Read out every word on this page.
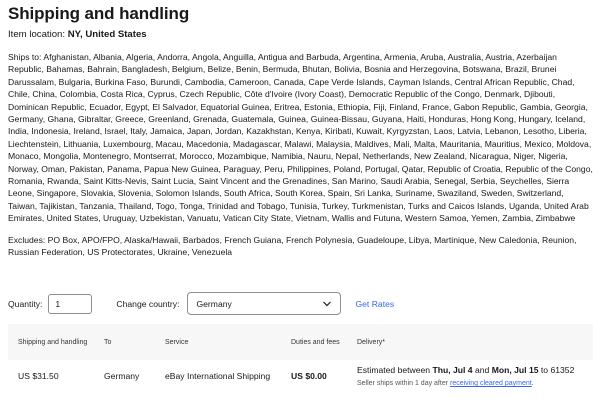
Shipping and handling
Item location: NY, United States
Ships to: Afghanistan, Albania, Algeria, Andorra, Angola, Anguilla, Antigua and Barbuda, Argentina, Armenia, Aruba, Australia, Austria, Azerbaijan Republic, Bahamas, Bahrain, Bangladesh, Belgium, Belize, Benin, Bermuda, Bhutan, Bolivia, Bosnia and Herzegovina, Botswana, Brazil, Brunei Darussalam, Bulgaria, Burkina Faso, Burundi, Cambodia, Cameroon, Canada, Cape Verde Islands, Cayman Islands, Central African Republic, Chad, Chile, China, Colombia, Costa Rica, Cyprus, Czech Republic, Côte d'Ivoire (Ivory Coast), Democratic Republic of the Congo, Denmark, Djibouti, Dominican Republic, Ecuador, Egypt, El Salvador, Equatorial Guinea, Eritrea, Estonia, Ethiopia, Fiji, Finland, France, Gabon Republic, Gambia, Georgia, Germany, Ghana, Gibraltar, Greece, Greenland, Grenada, Guatemala, Guinea, Guinea-Bissau, Guyana, Haiti, Honduras, Hong Kong, Hungary, Iceland, India, Indonesia, Ireland, Israel, Italy, Jamaica, Japan, Jordan, Kazakhstan, Kenya, Kiribati, Kuwait, Kyrgyzstan, Laos, Latvia, Lebanon, Lesotho, Liberia, Liechtenstein, Lithuania, Luxembourg, Macau, Macedonia, Madagascar, Malawi, Malaysia, Maldives, Mali, Malta, Mauritania, Mauritius, Mexico, Moldova, Monaco, Mongolia, Montenegro, Montserrat, Morocco, Mozambique, Namibia, Nauru, Nepal, Netherlands, New Zealand, Nicaragua, Niger, Nigeria, Norway, Oman, Pakistan, Panama, Papua New Guinea, Paraguay, Peru, Philippines, Poland, Portugal, Qatar, Republic of Croatia, Republic of the Congo, Romania, Rwanda, Saint Kitts-Nevis, Saint Lucia, Saint Vincent and the Grenadines, San Marino, Saudi Arabia, Senegal, Serbia, Seychelles, Sierra Leone, Singapore, Slovakia, Slovenia, Solomon Islands, South Africa, South Korea, Spain, Sri Lanka, Suriname, Swaziland, Sweden, Switzerland, Taiwan, Tajikistan, Tanzania, Thailand, Togo, Tonga, Trinidad and Tobago, Tunisia, Turkey, Turkmenistan, Turks and Caicos Islands, Uganda, United Arab Emirates, United States, Uruguay, Uzbekistan, Vanuatu, Vatican City State, Vietnam, Wallis and Futuna, Western Samoa, Yemen, Zambia, Zimbabwe
Excludes: PO Box, APO/FPO, Alaska/Hawaii, Barbados, French Guiana, French Polynesia, Guadeloupe, Libya, Martinique, New Caledonia, Reunion, Russian Federation, US Protectorates, Ukraine, Venezuela
Quantity:
1	Change country: Germany	Get Rates
Shipping and handling	To	Service	Duties and fees	Delivery*
US $31.50	Germany	eBay International Shipping	US $0.00	Estimated between Thu, Jul 4 and Mon, Jul 15 to 61352
Seller ships within 1 day after receiving cleared payment.
